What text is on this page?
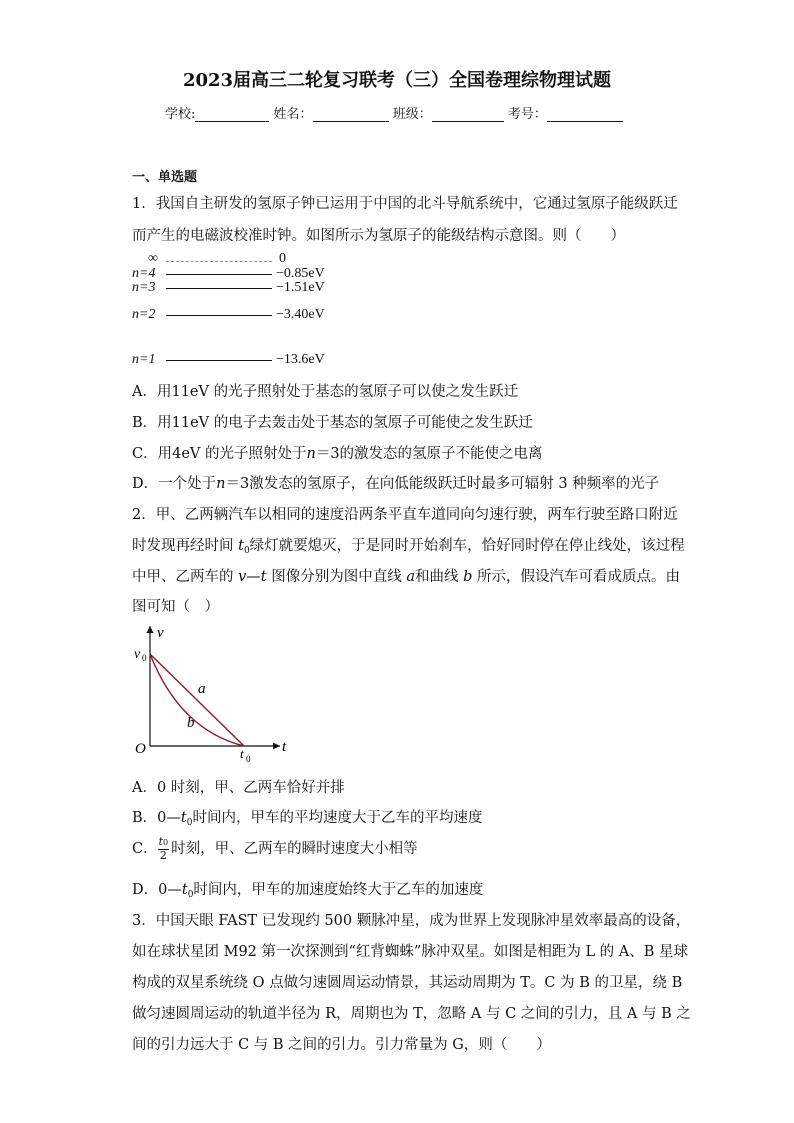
2023届高三二轮复习联考（三）全国卷理综物理试题
学校:	姓名：	班级：	考号：
一、单选题
1．我国自主研发的氢原子钟已运用于中国的北斗导航系统中，它通过氢原子能级跃迁
而产生的电磁波校准时钟。如图所示为氢原子的能级结构示意图。则（　　）
∞	0
n=4	−0.85eV
n=3	−1.51eV
n=2	−3.40eV
n=1	−13.6eV
A．用11eV 的光子照射处于基态的氢原子可以使之发生跃迁
B．用11eV 的电子去轰击处于基态的氢原子可能使之发生跃迁
C．用4eV 的光子照射处于n＝3的激发态的氢原子不能使之电离
D．一个处于n＝3激发态的氢原子，在向低能级跃迁时最多可辐射 3 种频率的光子
2．甲、乙两辆汽车以相同的速度沿两条平直车道同向匀速行驶，两车行驶至路口附近
时发现再经时间 $t_0$绿灯就要熄灭，于是同时开始刹车，恰好同时停在停止线处，该过程
中甲、乙两车的 v—t 图像分别为图中直线 a和曲线 b 所示，假设汽车可看成质点。由
图可知（　）
v
v 0
O	t
t 0
a
b
A．0 时刻，甲、乙两车恰好并排
B．$0—t_0$时间内，甲车的平均速度大于乙车的平均速度
C． $\frac{t0}{2}$ 时刻，甲、乙两车的瞬时速度大小相等
D．$0—t_0$时间内，甲车的加速度始终大于乙车的加速度
3．中国天眼 FAST 已发现约 500 颗脉冲星，成为世界上发现脉冲星效率最高的设备，
如在球状星团 M92 第一次探测到“红背蜘蛛”脉冲双星。如图是相距为 L 的 A、B 星球
构成的双星系统绕 O 点做匀速圆周运动情景，其运动周期为 T。C 为 B 的卫星，绕 B
做匀速圆周运动的轨道半径为 R，周期也为 T，忽略 A 与 C 之间的引力，且 A 与 B 之
间的引力远大于 C 与 B 之间的引力。引力常量为 G，则（　　）
